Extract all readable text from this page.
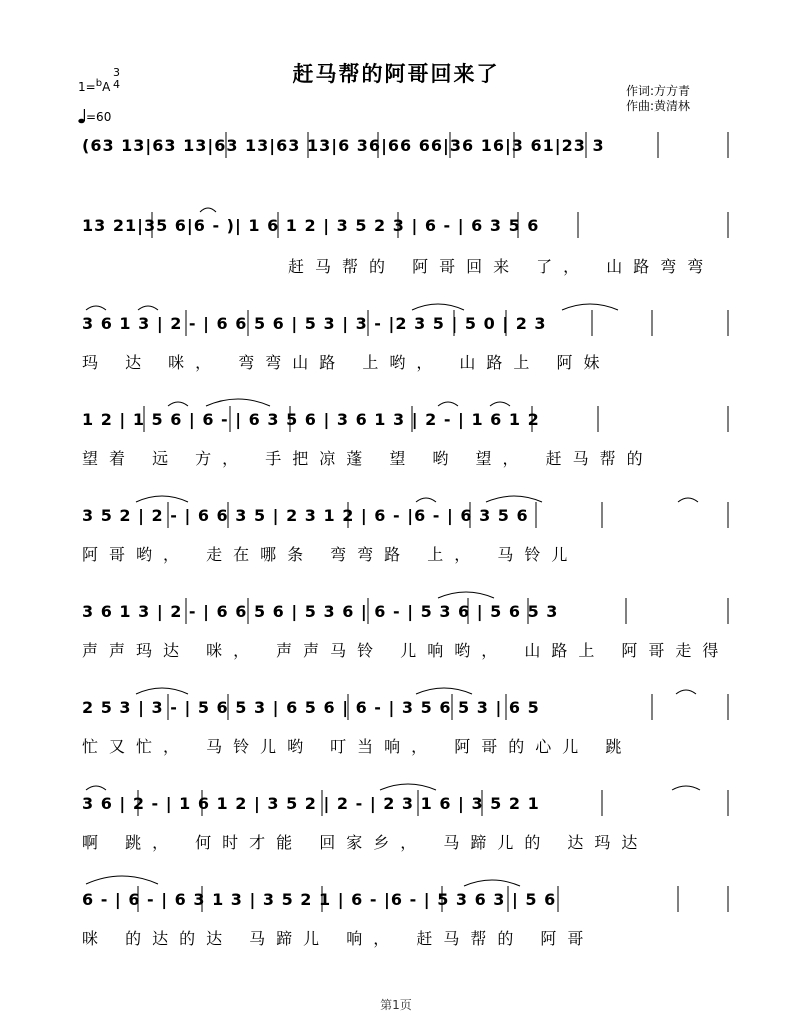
赶马帮的阿哥回来了
1=$^b$A
3
4
=60
作词:方方青
作曲:黄清林
(63 13|63 13|63 13|63 13|6 36|66 66|36 16|3 61|23 3
13 21|35 6|6 - )| 1 6 1 2 | 3 5 2 3 | 6 - | 6 3 5 6
赶马帮的 阿哥回来 了， 山路弯弯
3 6 1 3 | 2 - | 6 6 5 6 | 5 3 | 3 - |2 3 5 | 5 0 | 2 3
玛 达 咪， 弯弯山路 上哟， 山路上 阿妹
1 2 | 1 5 6 | 6 - | 6 3 5 6 | 3 6 1 3 | 2 - | 1 6 1 2
望着 远 方， 手把凉蓬 望 哟 望， 赶马帮的
3 5 2 | 2 - | 6 6 3 5 | 2 3 1 2 | 6 - |6 - | 6 3 5 6
阿哥哟， 走在哪条 弯弯路 上， 马铃儿
3 6 1 3 | 2 - | 6 6 5 6 | 5 3 6 | 6 - | 5 3 6 | 5 6 5 3
声声玛达 咪， 声声马铃 儿响哟， 山路上 阿哥走得
2 5 3 | 3 - | 5 6 5 3 | 6 5 6 | 6 - | 3 5 6 5 3 | 6 5
忙又忙， 马铃儿哟 叮当响， 阿哥的心儿 跳
3 6 | 2 - | 1 6 1 2 | 3 5 2 | 2 - | 2 3 1 6 | 3 5 2 1
啊 跳， 何时才能 回家乡， 马蹄儿的 达玛达
6 - | 6 - | 6 3 1 3 | 3 5 2 1 | 6 - |6 - | 5 3 6 3 | 5 6
咪 的达的达 马蹄儿 响， 赶马帮的 阿哥
第1页
